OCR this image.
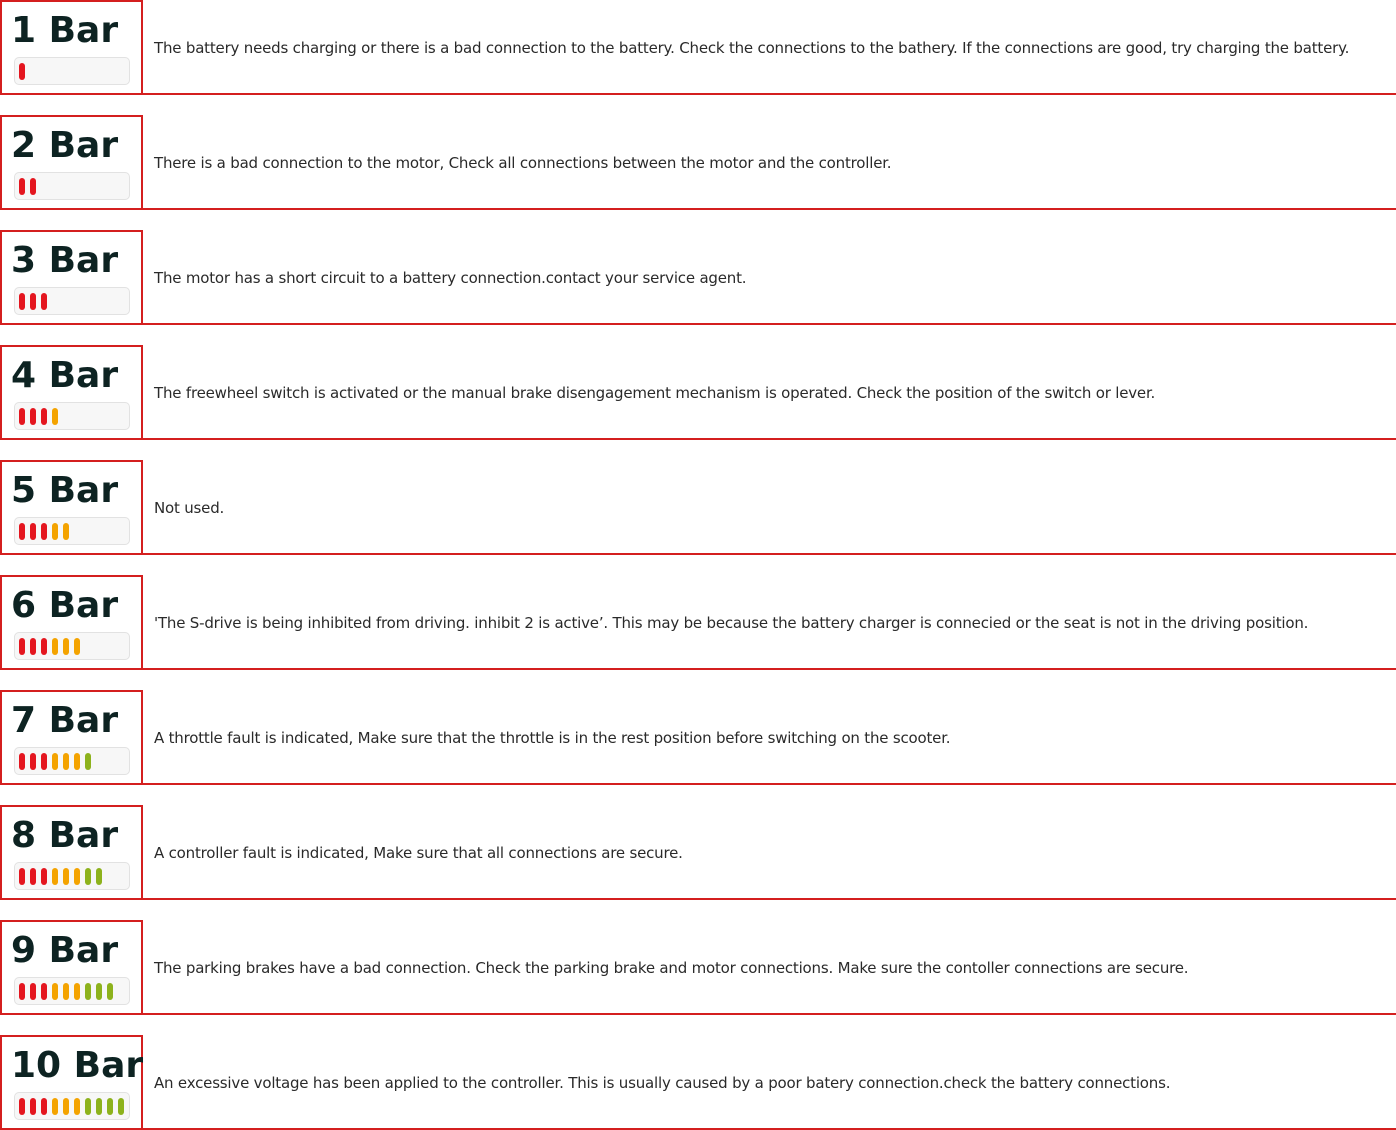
1 Bar The battery needs charging or there is a bad connection to the battery. Check the connections to the bathery. If the connections are good, try charging the battery.
2 Bar There is a bad connection to the motor, Check all connections between the motor and the controller.
3 Bar The motor has a short circuit to a battery connection.contact your service agent.
4 Bar The freewheel switch is activated or the manual brake disengagement mechanism is operated. Check the position of the switch or lever.
5 Bar Not used.
6 Bar 'The S-drive is being inhibited from driving. inhibit 2 is active’. This may be because the battery charger is connecied or the seat is not in the driving position.
7 Bar A throttle fault is indicated, Make sure that the throttle is in the rest position before switching on the scooter.
8 Bar A controller fault is indicated, Make sure that all connections are secure.
9 Bar The parking brakes have a bad connection. Check the parking brake and motor connections. Make sure the contoller connections are secure.
10 Bar An excessive voltage has been applied to the controller. This is usually caused by a poor batery connection.check the battery connections.
